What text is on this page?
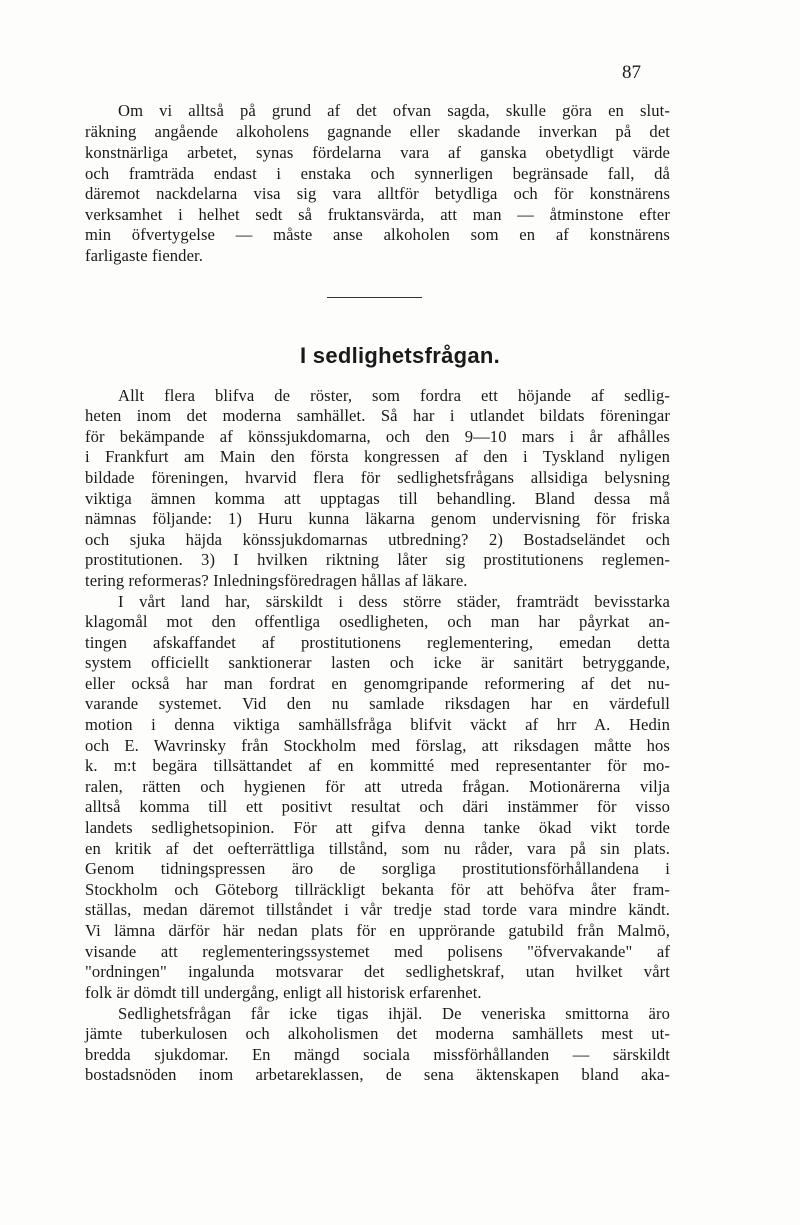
87
Om vi alltså på grund af det ofvan sagda, skulle göra en slut-
räkning angående alkoholens gagnande eller skadande inverkan på det
konstnärliga arbetet, synas fördelarna vara af ganska obetydligt värde
och framträda endast i enstaka och synnerligen begränsade fall, då
däremot nackdelarna visa sig vara alltför betydliga och för konstnärens
verksamhet i helhet sedt så fruktansvärda, att man — åtminstone efter
min öfvertygelse — måste anse alkoholen som en af konstnärens
farligaste fiender.
I sedlighetsfrågan.
Allt flera blifva de röster, som fordra ett höjande af sedlig-
heten inom det moderna samhället. Så har i utlandet bildats föreningar
för bekämpande af könssjukdomarna, och den 9—10 mars i år afhålles
i Frankfurt am Main den första kongressen af den i Tyskland nyligen
bildade föreningen, hvarvid flera för sedlighetsfrågans allsidiga belysning
viktiga ämnen komma att upptagas till behandling. Bland dessa må
nämnas följande: 1) Huru kunna läkarna genom undervisning för friska
och sjuka häjda könssjukdomarnas utbredning? 2) Bostadseländet och
prostitutionen. 3) I hvilken riktning låter sig prostitutionens reglemen-
tering reformeras? Inledningsföredragen hållas af läkare.
I vårt land har, särskildt i dess större städer, framträdt bevisstarka
klagomål mot den offentliga osedligheten, och man har påyrkat an-
tingen afskaffandet af prostitutionens reglementering, emedan detta
system officiellt sanktionerar lasten och icke är sanitärt betryggande,
eller också har man fordrat en genomgripande reformering af det nu-
varande systemet. Vid den nu samlade riksdagen har en värdefull
motion i denna viktiga samhällsfråga blifvit väckt af hrr A. Hedin
och E. Wavrinsky från Stockholm med förslag, att riksdagen måtte hos
k. m:t begära tillsättandet af en kommitté med representanter för mo-
ralen, rätten och hygienen för att utreda frågan. Motionärerna vilja
alltså komma till ett positivt resultat och däri instämmer för visso
landets sedlighetsopinion. För att gifva denna tanke ökad vikt torde
en kritik af det oefterrättliga tillstånd, som nu råder, vara på sin plats.
Genom tidningspressen äro de sorgliga prostitutionsförhållandena i
Stockholm och Göteborg tillräckligt bekanta för att behöfva åter fram-
ställas, medan däremot tillståndet i vår tredje stad torde vara mindre kändt.
Vi lämna därför här nedan plats för en upprörande gatubild från Malmö,
visande att reglementeringssystemet med polisens "öfvervakande" af
"ordningen" ingalunda motsvarar det sedlighetskraf, utan hvilket vårt
folk är dömdt till undergång, enligt all historisk erfarenhet.
Sedlighetsfrågan får icke tigas ihjäl. De veneriska smittorna äro
jämte tuberkulosen och alkoholismen det moderna samhällets mest ut-
bredda sjukdomar. En mängd sociala missförhållanden — särskildt
bostadsnöden inom arbetareklassen, de sena äktenskapen bland aka-
